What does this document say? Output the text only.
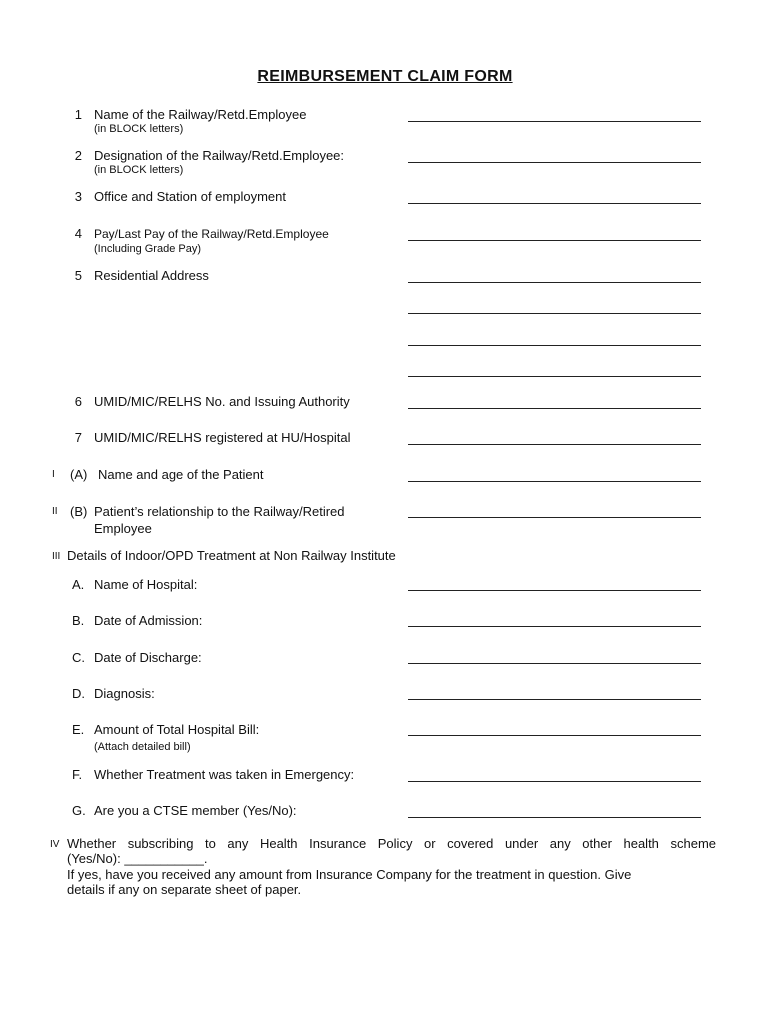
REIMBURSEMENT CLAIM FORM
1 Name of the Railway/Retd.Employee
(in BLOCK letters)
2 Designation of the Railway/Retd.Employee:
(in BLOCK letters)
3 Office and Station of employment
4 Pay/Last Pay of the Railway/Retd.Employee
(Including Grade Pay)
5 Residential Address
6 UMID/MIC/RELHS No. and Issuing Authority
7 UMID/MIC/RELHS registered at HU/Hospital
I (A) Name and age of the Patient
II (B) Patient’s relationship to the Railway/Retired
Employee
III Details of Indoor/OPD Treatment at Non Railway Institute
A. Name of Hospital:
B. Date of Admission:
C. Date of Discharge:
D. Diagnosis:
E. Amount of Total Hospital Bill:
(Attach detailed bill)
F. Whether Treatment was taken in Emergency:
G. Are you a CTSE member (Yes/No):
IV Whether subscribing to any Health Insurance Policy or covered under any other health scheme
(Yes/No): ___________.
If yes, have you received any amount from Insurance Company for the treatment in question. Give
details if any on separate sheet of paper.
